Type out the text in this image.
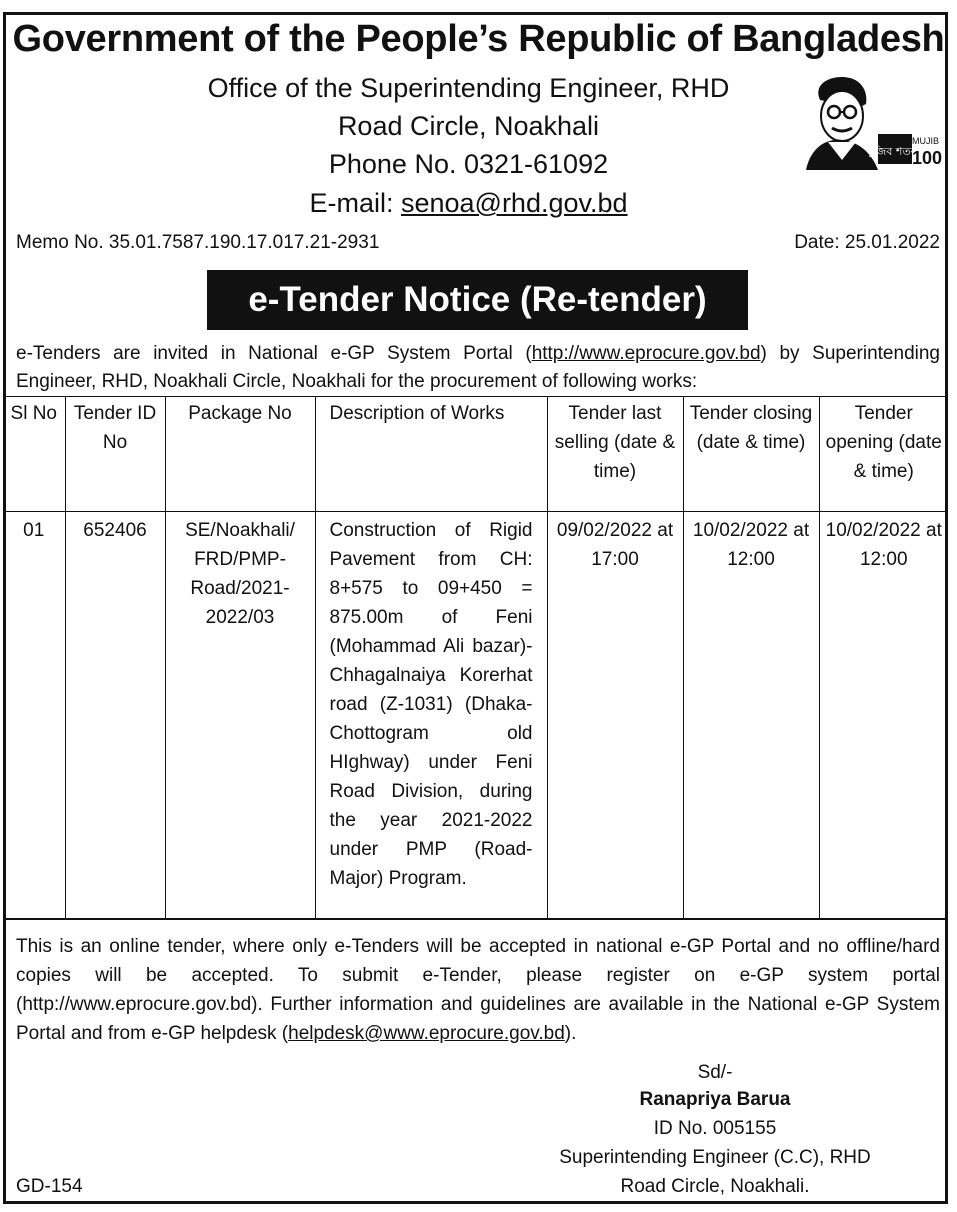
Government of the People’s Republic of Bangladesh
Office of the Superintending Engineer, RHD
Road Circle, Noakhali
Phone No. 0321-61092
E-mail: senoa@rhd.gov.bd
মুজিব শতবর্ষ
MUJIB
100
Memo No. 35.01.7587.190.17.017.21-2931	Date: 25.01.2022
e-Tender Notice (Re-tender)
e-Tenders are invited in National e-GP System Portal (http://www.eprocure.gov.bd) by Superintending Engineer, RHD, Noakhali Circle, Noakhali for the procurement of following works:
Sl No	Tender ID No	Package No	Description of Works	Tender last selling (date & time)	Tender closing (date & time)	Tender opening (date & time)
01	652406	SE/Noakhali/ FRD/PMP-Road/2021-2022/03	Construction of Rigid Pavement from CH: 8+575 to 09+450 = 875.00m of Feni (Mohammad Ali bazar)-Chhagalnaiya Korerhat road (Z-1031) (Dhaka-Chottogram old HIghway) under Feni Road Division, during the year 2021-2022 under PMP (Road-Major) Program.	09/02/2022 at 17:00	10/02/2022 at 12:00	10/02/2022 at 12:00
This is an online tender, where only e-Tenders will be accepted in national e-GP Portal and no offline/hard copies will be accepted. To submit e-Tender, please register on e-GP system portal (http://www.eprocure.gov.bd). Further information and guidelines are available in the National e-GP System Portal and from e-GP helpdesk (helpdesk@www.eprocure.gov.bd).
Sd/-
Ranapriya Barua
ID No. 005155
Superintending Engineer (C.C), RHD
Road Circle, Noakhali.
GD-154
